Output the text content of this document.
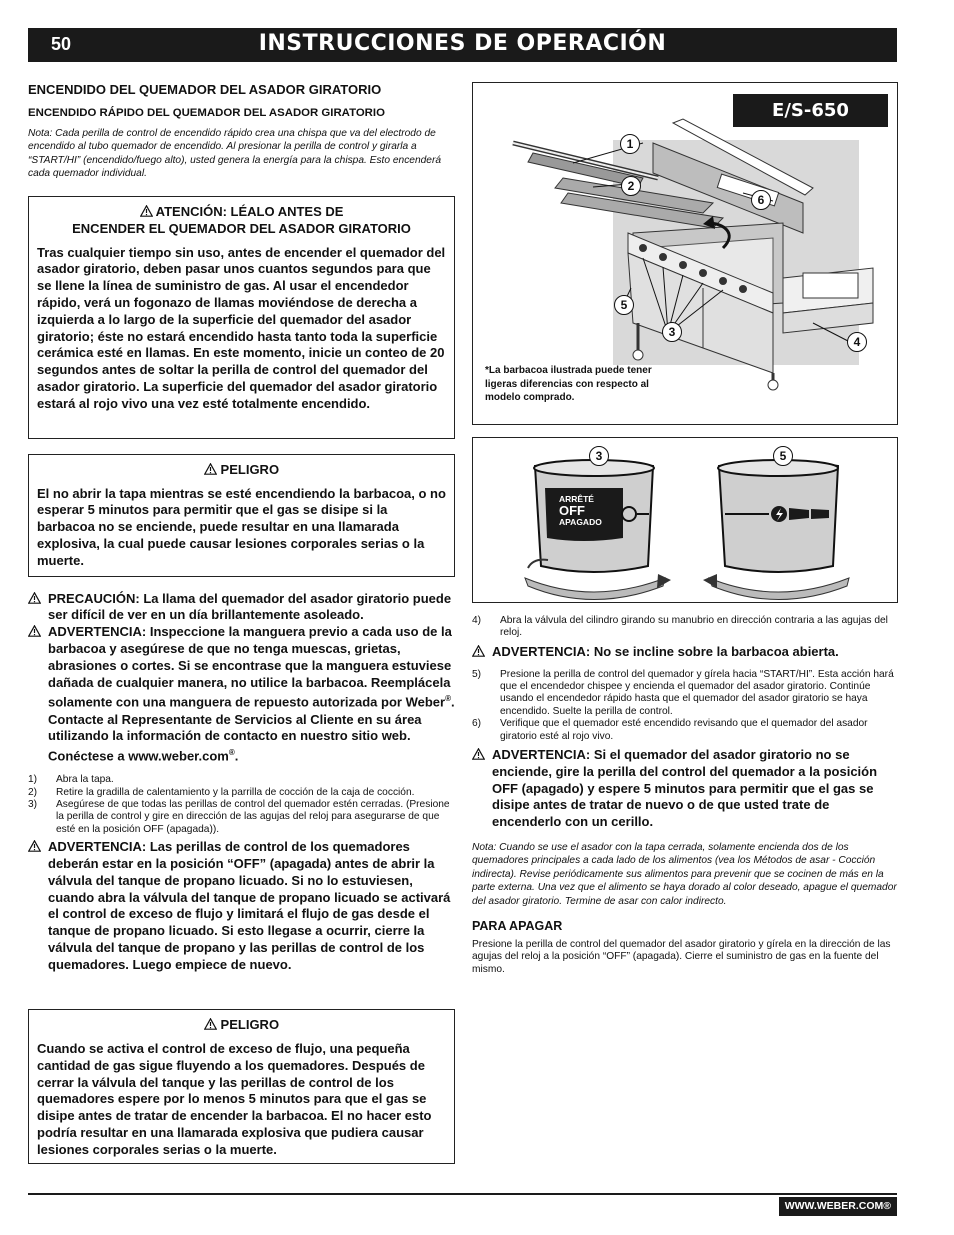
50	INSTRUCCIONES DE OPERACIÓN

ENCENDIDO DEL QUEMADOR DEL ASADOR GIRATORIO

ENCENDIDO RÁPIDO DEL QUEMADOR DEL ASADOR GIRATORIO

Nota: Cada perilla de control de encendido rápido crea una chispa que va del electrodo de encendido al tubo quemador de encendido. Al presionar la perilla de control y girarla a “START/HI” (encendido/fuego alto), usted genera la energía para la chispa. Esto encenderá cada quemador individual.

ATENCIÓN: LÉALO ANTES DE
ENCENDER EL QUEMADOR DEL ASADOR GIRATORIO

Tras cualquier tiempo sin uso, antes de encender el quemador del asador giratorio, deben pasar unos cuantos segundos para que se llene la línea de suministro de gas. Al usar el encendedor rápido, verá un fogonazo de llamas moviéndose de derecha a izquierda a lo largo de la superficie del quemador del asador giratorio; éste no estará encendido hasta tanto toda la superficie cerámica esté en llamas. En este momento, inicie un conteo de 20 segundos antes de soltar la perilla de control del quemador del asador giratorio. La superficie del quemador del asador giratorio estará al rojo vivo una vez esté totalmente encendido.

PELIGRO

El no abrir la tapa mientras se esté encendiendo la barbacoa, o no esperar 5 minutos para permitir que el gas se disipe si la barbacoa no se enciende, puede resultar en una llamarada explosiva, la cual puede causar lesiones corporales serias o la muerte.

PRECAUCIÓN: La llama del quemador del asador giratorio puede ser difícil de ver en un día brillantemente asoleado.

ADVERTENCIA: Inspeccione la manguera previo a cada uso de la barbacoa y asegúrese de que no tenga muescas, grietas, abrasiones o cortes. Si se encontrase que la manguera estuviese dañada de cualquier manera, no utilice la barbacoa. Reemplácela solamente con una manguera de repuesto autorizada por Weber®. Contacte al Representante de Servicios al Cliente en su área utilizando la información de contacto en nuestro sitio web.
Conéctese a www.weber.com®.

1) Abra la tapa.
2) Retire la gradilla de calentamiento y la parrilla de cocción de la caja de cocción.
3) Asegúrese de que todas las perillas de control del quemador estén cerradas. (Presione la perilla de control y gire en dirección de las agujas del reloj para asegurarse de que esté en la posición OFF (apagada)).

ADVERTENCIA: Las perillas de control de los quemadores deberán estar en la posición “OFF” (apagada) antes de abrir la válvula del tanque de propano licuado. Si no lo estuviesen, cuando abra la válvula del tanque de propano licuado se activará el control de exceso de flujo y limitará el flujo de gas desde el tanque de propano licuado. Si esto llegase a ocurrir, cierre la válvula del tanque de propano y las perillas de control de los quemadores. Luego empiece de nuevo.

PELIGRO

Cuando se activa el control de exceso de flujo, una pequeña cantidad de gas sigue fluyendo a los quemadores. Después de cerrar la válvula del tanque y las perillas de control de los quemadores espere por lo menos 5 minutos para que el gas se disipe antes de tratar de encender la barbacoa. El no hacer esto podría resultar en una llamarada explosiva que pudiera causar lesiones corporales serias o la muerte.

E/S-650
1
2
6
5
3
4
*La barbacoa ilustrada puede tener ligeras diferencias con respecto al modelo comprado.
3	5
ARRÊTÉ
OFF
APAGADO
4) Abra la válvula del cilindro girando su manubrio en dirección contraria a las agujas del reloj.

ADVERTENCIA: No se incline sobre la barbacoa abierta.

5) Presione la perilla de control del quemador y gírela hacia “START/HI”. Esta acción hará que el encendedor chispee y encienda el quemador del asador giratorio. Continúe usando el encendedor rápido hasta que el quemador del asador giratorio se haya encendido. Suelte la perilla de control.
6) Verifique que el quemador esté encendido revisando que el quemador del asador giratorio esté al rojo vivo.

ADVERTENCIA: Si el quemador del asador giratorio no se enciende, gire la perilla del control del quemador a la posición OFF (apagado) y espere 5 minutos para permitir que el gas se disipe antes de tratar de nuevo o de que usted trate de encenderlo con un cerillo.

Nota: Cuando se use el asador con la tapa cerrada, solamente encienda dos de los quemadores principales a cada lado de los alimentos (vea los Métodos de asar - Cocción indirecta). Revise periódicamente sus alimentos para prevenir que se cocinen de más en la parte externa. Una vez que el alimento se haya dorado al color deseado, apague el quemador del asador giratorio. Termine de asar con calor indirecto.

PARA APAGAR

Presione la perilla de control del quemador del asador giratorio y gírela en la dirección de las agujas del reloj a la posición “OFF” (apagada). Cierre el suministro de gas en la fuente del mismo.

WWW.WEBER.COM®
